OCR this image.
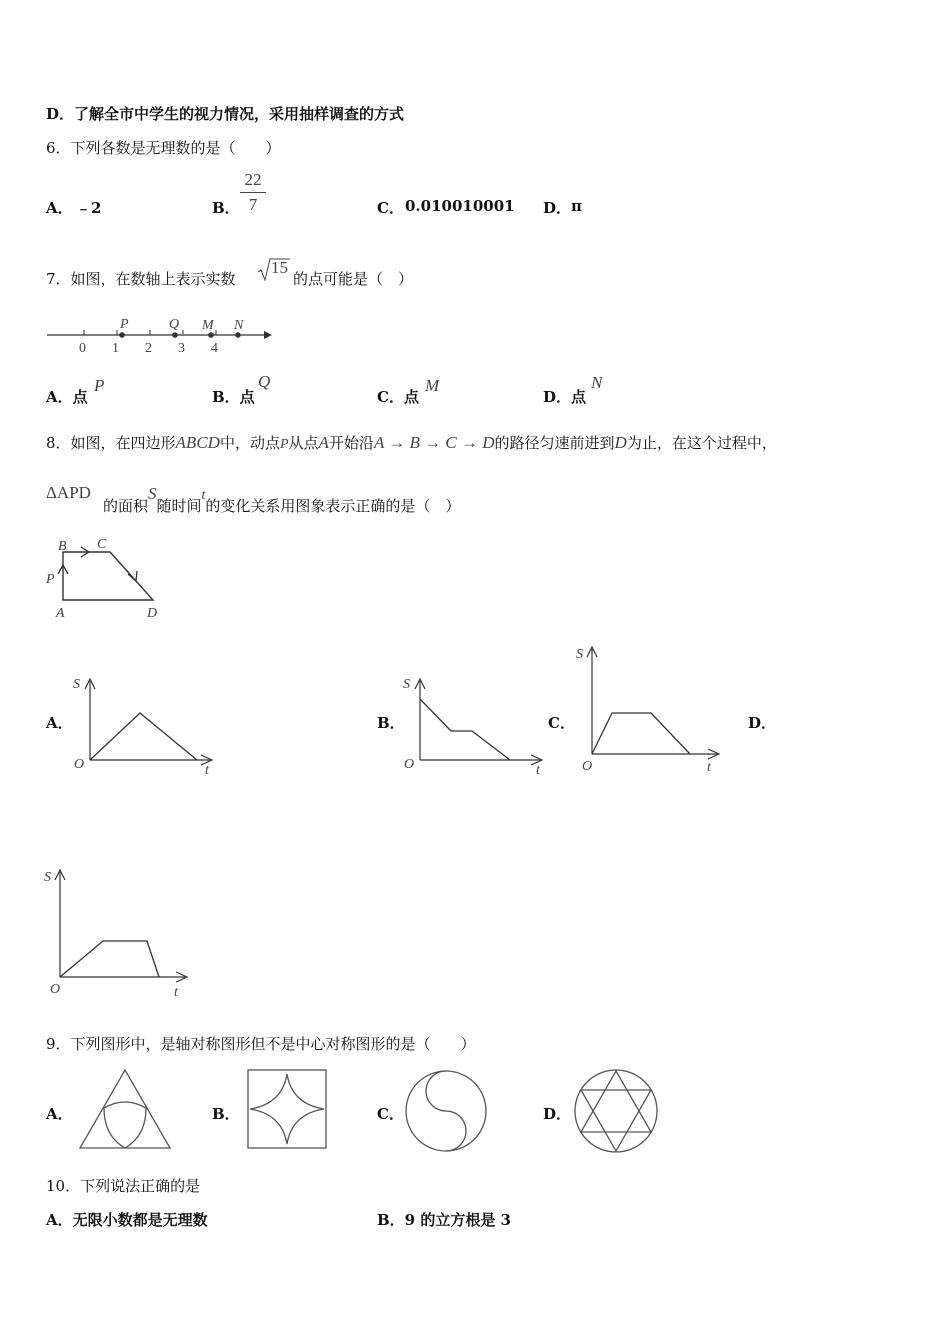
D．了解全市中学生的视力情况，采用抽样调查的方式
6．下列各数是无理数的是（　　）
A． ﹣2	B．
22
7	C． 0.010010001 D． π
7．如图，在数轴上表示实数
15
的点可能是（　）
0 1 2 3 4
P	Q M N
A．点
P
B．点
Q
C．点
M
D．点
N
8．如图，在四边形ABCD中，动点P从点A开始沿A → B → C → D的路径匀速前进到D为止，在这个过程中，
ΔAPD
的面积S随时间t的变化关系用图象表示正确的是（　）
B C
P
A	D
A．
S
O	t
B．
S
O	t
C．
S
O	t
D．
S
O	t
9．下列图形中，是轴对称图形但不是中心对称图形的是（　　）
A．	B．	C．	D．
10．下列说法正确的是
A．无限小数都是无理数	B．9 的立方根是 3
